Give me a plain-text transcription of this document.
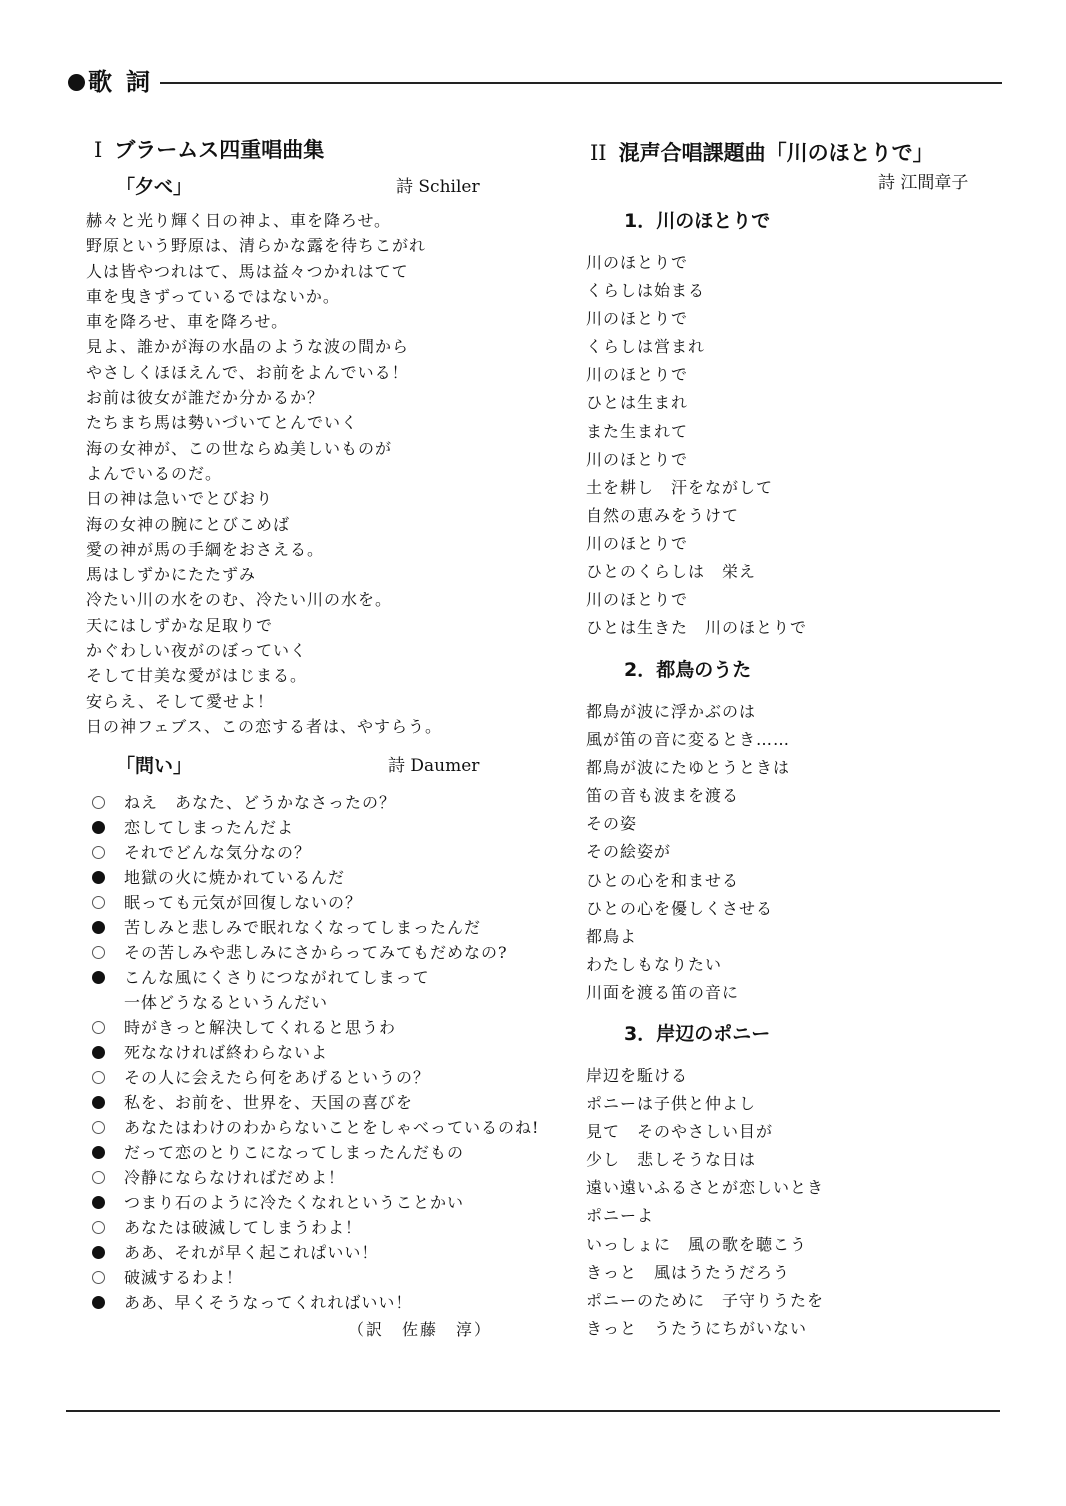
歌詞
I ブラームス四重唱曲集
「夕べ」	詩 Schiler
赫々と光り輝く日の神よ、車を降ろせ。
野原という野原は、清らかな露を待ちこがれ
人は皆やつれはて、馬は益々つかれはてて
車を曳きずっているではないか。
車を降ろせ、車を降ろせ。
見よ、誰かが海の水晶のような波の間から
やさしくほほえんで、お前をよんでいる！
お前は彼女が誰だか分かるか？
たちまち馬は勢いづいてとんでいく
海の女神が、この世ならぬ美しいものが
よんでいるのだ。
日の神は急いでとびおり
海の女神の腕にとびこめば
愛の神が馬の手綱をおさえる。
馬はしずかにたたずみ
冷たい川の水をのむ、冷たい川の水を。
天にはしずかな足取りで
かぐわしい夜がのぼっていく
そして甘美な愛がはじまる。
安らえ、そして愛せよ！
日の神フェブス、この恋する者は、やすらう。
「問い」	詩 Daumer
ねえ　あなた、どうかなさったの？
恋してしまったんだよ
それでどんな気分なの？
地獄の火に焼かれているんだ
眠っても元気が回復しないの？
苦しみと悲しみで眠れなくなってしまったんだ
その苦しみや悲しみにさからってみてもだめなの?
こんな風にくさりにつながれてしまって
一体どうなるというんだい
時がきっと解決してくれると思うわ
死ななければ終わらないよ
その人に会えたら何をあげるというの？
私を、お前を、世界を、天国の喜びを
あなたはわけのわからないことをしゃべっているのね!
だって恋のとりこになってしまったんだもの
冷静にならなければだめよ！
つまり石のように冷たくなれということかい
あなたは破滅してしまうわよ！
ああ、それが早く起これぱいい！
破滅するわよ！
ああ、早くそうなってくれればいい！
（訳　佐藤　淳）
II 混声合唱課題曲「川のほとりで」
詩 江間章子
1．川のほとりで
川のほとりで
くらしは始まる
川のほとりで
くらしは営まれ
川のほとりで
ひとは生まれ
また生まれて
川のほとりで
土を耕し　汗をながして
自然の恵みをうけて
川のほとりで
ひとのくらしは　栄え
川のほとりで
ひとは生きた　川のほとりで
2．都鳥のうた
都鳥が波に浮かぶのは
風が笛の音に変るとき……
都鳥が波にたゆとうときは
笛の音も波まを渡る
その姿
その絵姿が
ひとの心を和ませる
ひとの心を優しくさせる
都鳥よ
わたしもなりたい
川面を渡る笛の音に
3．岸辺のポニー
岸辺を駈ける
ポニーは子供と仲よし
見て　そのやさしい目が
少し　悲しそうな日は
遠い遠いふるさとが恋しいとき
ポニーよ
いっしょに　風の歌を聴こう
きっと　風はうたうだろう
ポニーのために　子守りうたを
きっと　うたうにちがいない
